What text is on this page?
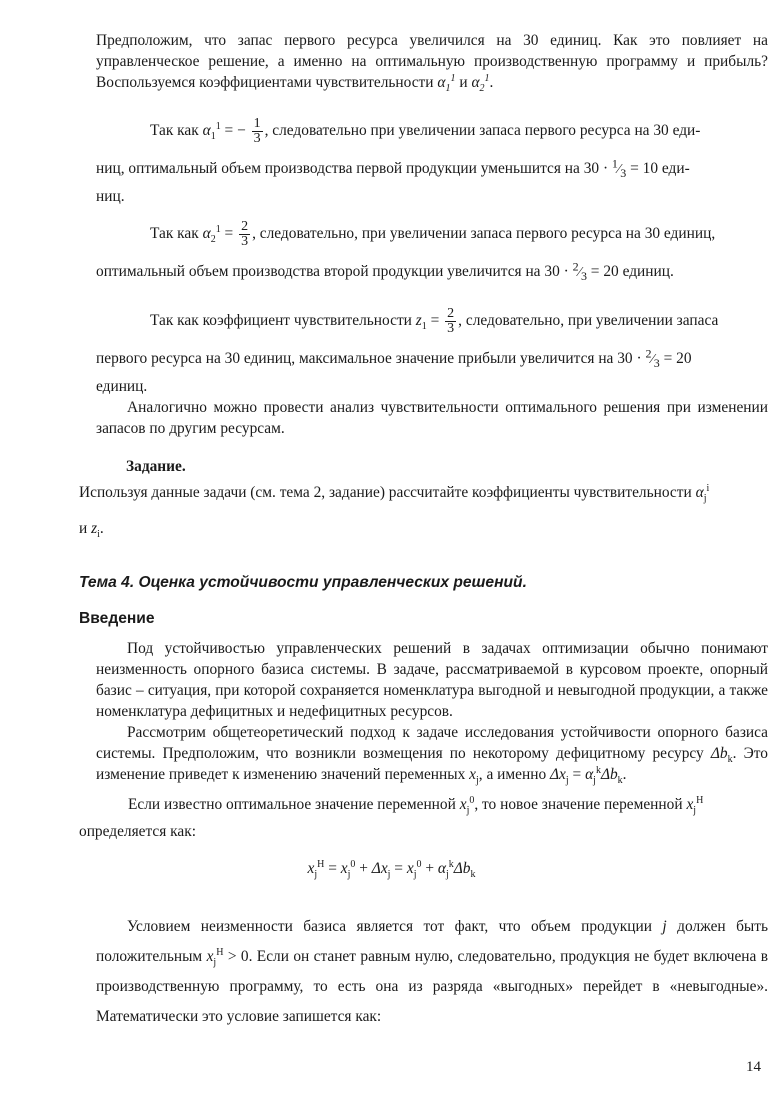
Предположим, что запас первого ресурса увеличился на 30 единиц. Как это повлияет на управленческое решение, а именно на оптимальную производственную программу и прибыль? Воспользуемся коэффициентами чувствительности $\alpha_1^1$ и $\alpha_2^1$.

Так как $\alpha_1^1$ = − $\frac{1}{3}$ , следовательно при увеличении запаса первого ресурса на 30 еди-

ниц, оптимальный объем производства первой продукции уменьшится на $30 \cdot ^1⁄_3 = 10$ еди-

ниц.

Так как $\alpha_2^1 = \frac{2}{3}$ , следовательно, при увеличении запаса первого ресурса на 30 единиц,

оптимальный объем производства второй продукции увеличится на $30 \cdot ^2⁄_3 = 20$ единиц.

Так как коэффициент чувствительности $z_1 = \frac{2}{3}$ , следовательно, при увеличении запаса

первого ресурса на 30 единиц, максимальное значение прибыли увеличится на $30 \cdot ^2⁄_3 = 20$

единиц.

Аналогично можно провести анализ чувствительности оптимального решения при изменении запасов по другим ресурсам.

Задание.

Используя данные задачи (см. тема 2, задание) рассчитайте коэффициенты чувствительности $\alpha_j^i$

и $z_i$.

Тема 4. Оценка устойчивости управленческих решений.

Введение

Под устойчивостью управленческих решений в задачах оптимизации обычно понимают неизменность опорного базиса системы. В задаче, рассматриваемой в курсовом проекте, опорный базис – ситуация, при которой сохраняется номенклатура выгодной и невыгодной продукции, а также номенклатура дефицитных и недефицитных ресурсов.

Рассмотрим общетеоретический подход к задаче исследования устойчивости опорного базиса системы. Предположим, что возникли возмещения по некоторому дефицитному ресурсу $\Delta b_k$. Это изменение приведет к изменению значений переменных $x_j$, а именно $\Delta x_j = \alpha_j^k\Delta b_k$.

Если известно оптимальное значение переменной $x_j^0$, то новое значение переменной $x_j^H$

определяется как:

$x_j^H = x_j^0 + \Delta x_j = x_j^0 + \alpha_j^k\Delta b_k$

Условием неизменности базиса является тот факт, что объем продукции j должен быть положительным $x_j^H > 0$. Если он станет равным нулю, следовательно, продукция не будет включена в производственную программу, то есть она из разряда «выгодных» перейдет в «невыгодные». Математически это условие запишется как:

14
